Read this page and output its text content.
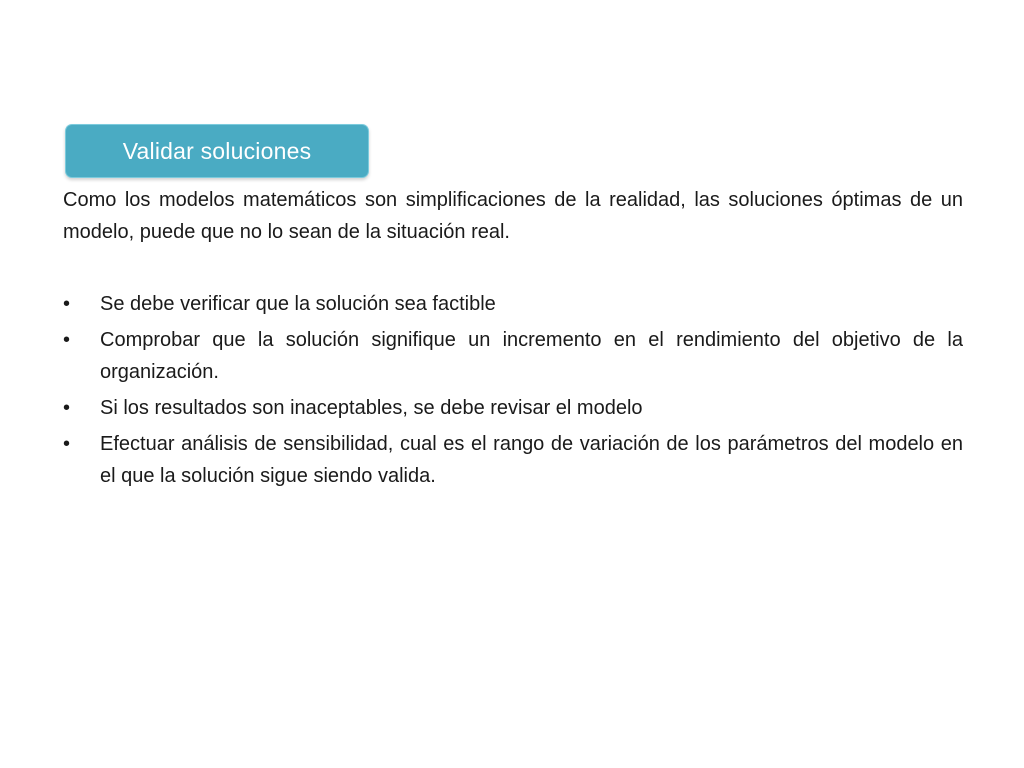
Validar soluciones

Como los modelos matemáticos son simplificaciones de la realidad, las soluciones óptimas de un modelo, puede que no lo sean de la situación real.

• Se debe verificar que la solución sea factible
• Comprobar que la solución signifique un incremento en el rendimiento del objetivo de la organización.
• Si los resultados son inaceptables, se debe revisar el modelo
• Efectuar análisis de sensibilidad, cual es el rango de variación de los parámetros del modelo en el que la solución sigue siendo valida.
